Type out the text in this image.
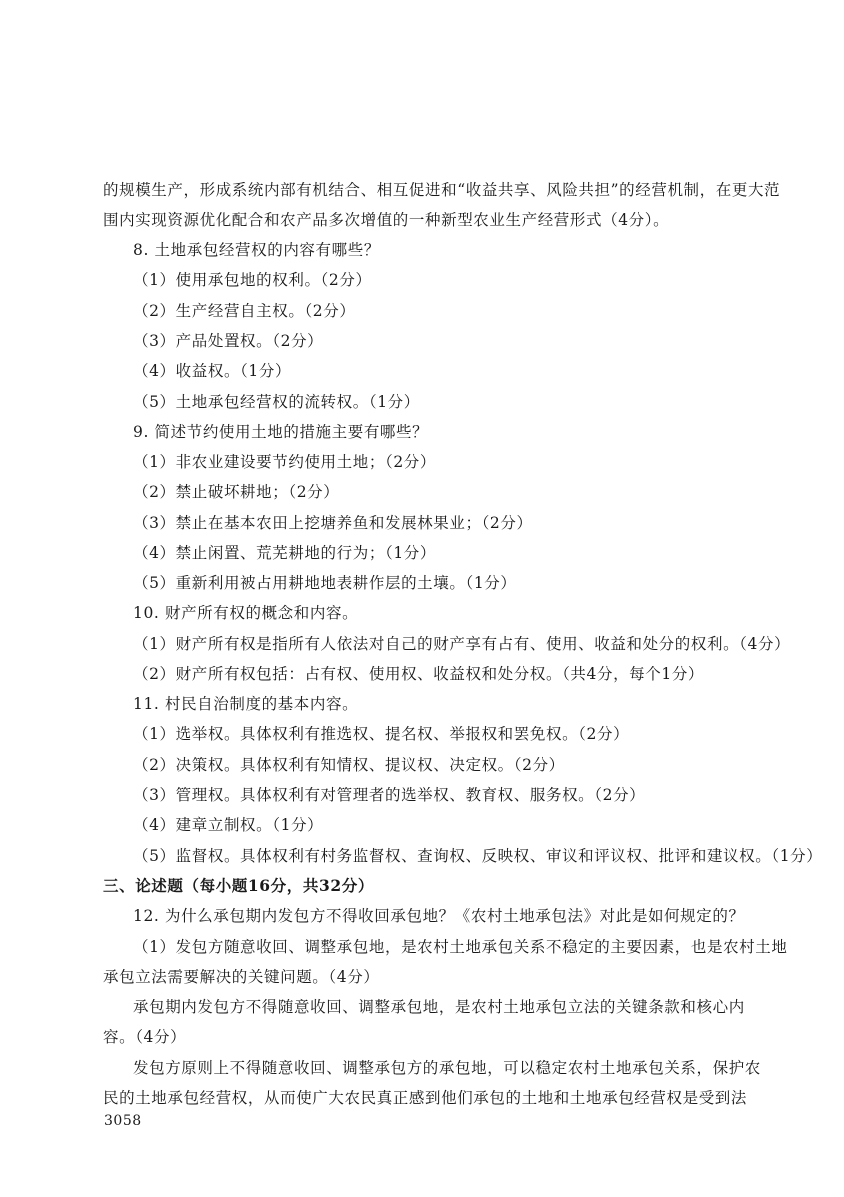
的规模生产，形成系统内部有机结合、相互促进和“收益共享、风险共担”的经营机制，在更大范
围内实现资源优化配合和农产品多次增值的一种新型农业生产经营形式（4分）。
8. 土地承包经营权的内容有哪些？
（1）使用承包地的权利。（2分）
（2）生产经营自主权。（2分）
（3）产品处置权。（2分）
（4）收益权。（1分）
（5）土地承包经营权的流转权。（1分）
9. 简述节约使用土地的措施主要有哪些？
（1）非农业建设要节约使用土地；（2分）
（2）禁止破坏耕地；（2分）
（3）禁止在基本农田上挖塘养鱼和发展林果业；（2分）
（4）禁止闲置、荒芜耕地的行为；（1分）
（5）重新利用被占用耕地地表耕作层的土壤。（1分）
10. 财产所有权的概念和内容。
（1）财产所有权是指所有人依法对自己的财产享有占有、使用、收益和处分的权利。（4分）
（2）财产所有权包括：占有权、使用权、收益权和处分权。（共4分，每个1分）
11. 村民自治制度的基本内容。
（1）选举权。具体权利有推选权、提名权、举报权和罢免权。（2分）
（2）决策权。具体权利有知情权、提议权、决定权。（2分）
（3）管理权。具体权利有对管理者的选举权、教育权、服务权。（2分）
（4）建章立制权。（1分）
（5）监督权。具体权利有村务监督权、查询权、反映权、审议和评议权、批评和建议权。（1分）
三、论述题（每小题16分，共32分）
12. 为什么承包期内发包方不得收回承包地？《农村土地承包法》对此是如何规定的？
（1）发包方随意收回、调整承包地，是农村土地承包关系不稳定的主要因素，也是农村土地
承包立法需要解决的关键问题。（4分）
承包期内发包方不得随意收回、调整承包地，是农村土地承包立法的关键条款和核心内
容。（4分）
发包方原则上不得随意收回、调整承包方的承包地，可以稳定农村土地承包关系，保护农
民的土地承包经营权，从而使广大农民真正感到他们承包的土地和土地承包经营权是受到法
3058
